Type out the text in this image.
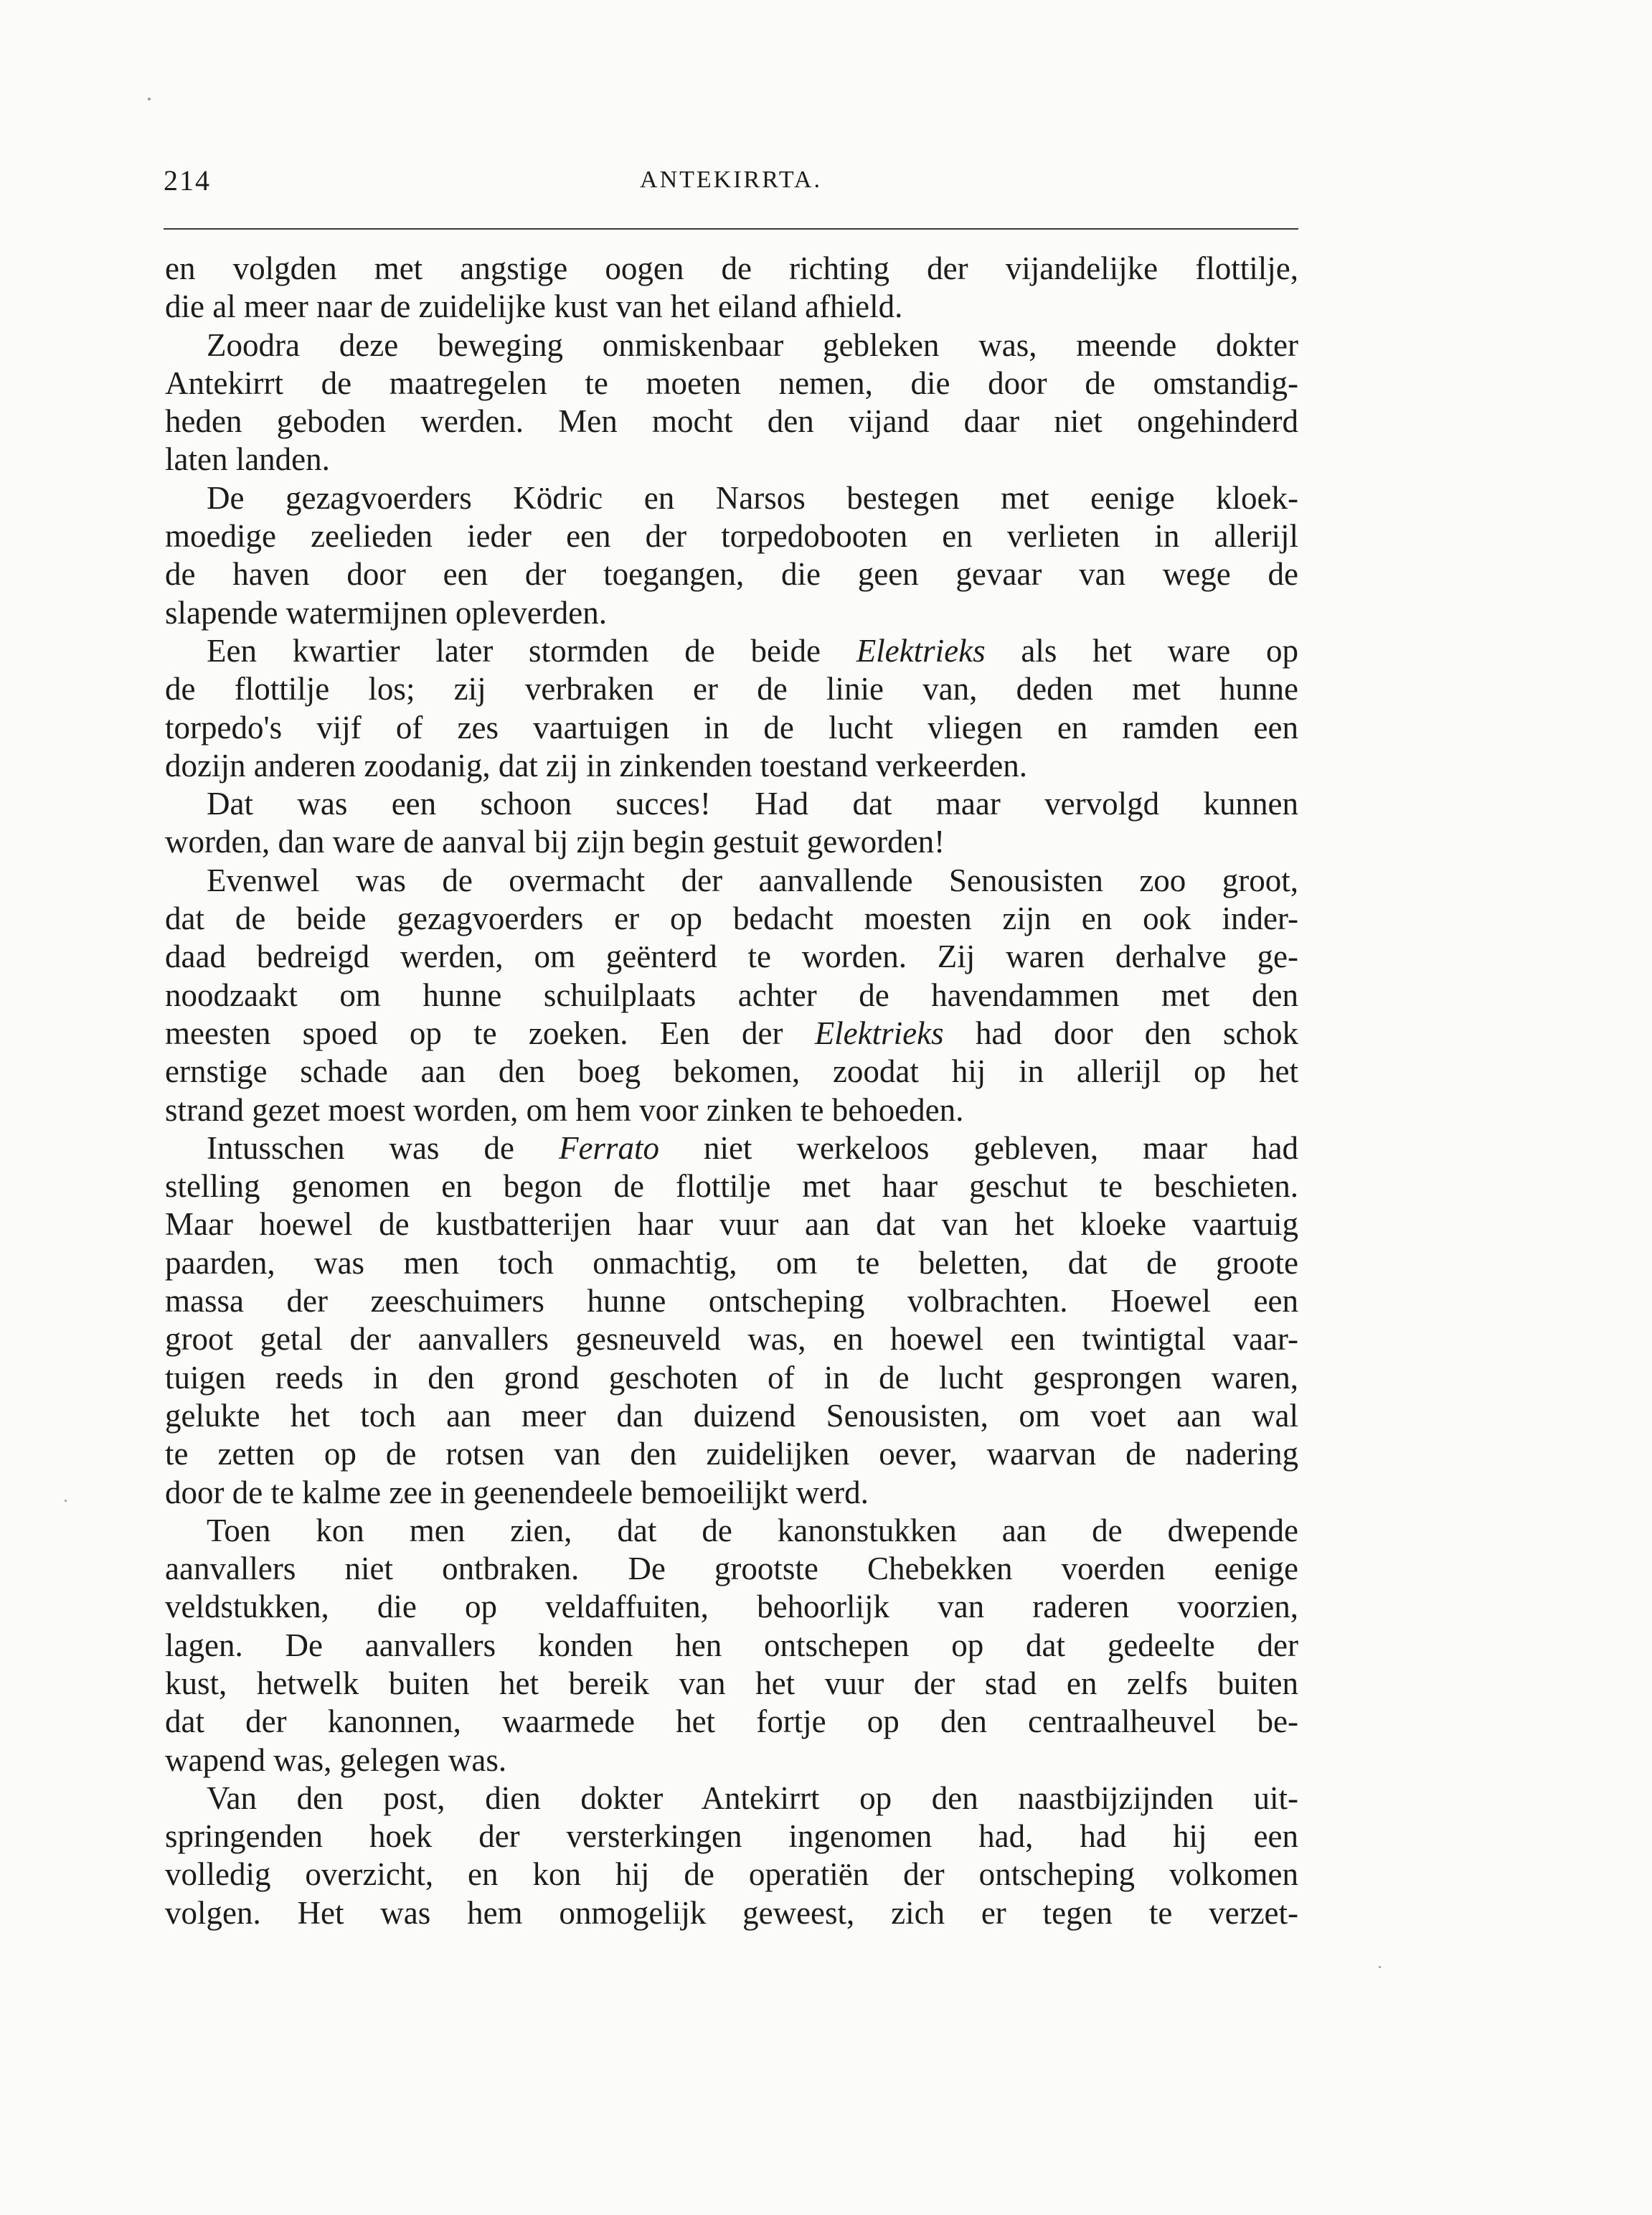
214	ANTEKIRRTA.
en volgden met angstige oogen de richting der vijandelijke flottilje,
die al meer naar de zuidelijke kust van het eiland afhield.
Zoodra deze beweging onmiskenbaar gebleken was, meende dokter
Antekirrt de maatregelen te moeten nemen, die door de omstandig-
heden geboden werden. Men mocht den vijand daar niet ongehinderd
laten landen.
De gezagvoerders Ködric en Narsos bestegen met eenige kloek-
moedige zeelieden ieder een der torpedobooten en verlieten in allerijl
de haven door een der toegangen, die geen gevaar van wege de
slapende watermijnen opleverden.
Een kwartier later stormden de beide Elektrieks als het ware op
de flottilje los; zij verbraken er de linie van, deden met hunne
torpedo's vijf of zes vaartuigen in de lucht vliegen en ramden een
dozijn anderen zoodanig, dat zij in zinkenden toestand verkeerden.
Dat was een schoon succes! Had dat maar vervolgd kunnen
worden, dan ware de aanval bij zijn begin gestuit geworden!
Evenwel was de overmacht der aanvallende Senousisten zoo groot,
dat de beide gezagvoerders er op bedacht moesten zijn en ook inder-
daad bedreigd werden, om geënterd te worden. Zij waren derhalve ge-
noodzaakt om hunne schuilplaats achter de havendammen met den
meesten spoed op te zoeken. Een der Elektrieks had door den schok
ernstige schade aan den boeg bekomen, zoodat hij in allerijl op het
strand gezet moest worden, om hem voor zinken te behoeden.
Intusschen was de Ferrato niet werkeloos gebleven, maar had
stelling genomen en begon de flottilje met haar geschut te beschieten.
Maar hoewel de kustbatterijen haar vuur aan dat van het kloeke vaartuig
paarden, was men toch onmachtig, om te beletten, dat de groote
massa der zeeschuimers hunne ontscheping volbrachten. Hoewel een
groot getal der aanvallers gesneuveld was, en hoewel een twintigtal vaar-
tuigen reeds in den grond geschoten of in de lucht gesprongen waren,
gelukte het toch aan meer dan duizend Senousisten, om voet aan wal
te zetten op de rotsen van den zuidelijken oever, waarvan de nadering
door de te kalme zee in geenendeele bemoeilijkt werd.
Toen kon men zien, dat de kanonstukken aan de dwepende
aanvallers niet ontbraken. De grootste Chebekken voerden eenige
veldstukken, die op veldaffuiten, behoorlijk van raderen voorzien,
lagen. De aanvallers konden hen ontschepen op dat gedeelte der
kust, hetwelk buiten het bereik van het vuur der stad en zelfs buiten
dat der kanonnen, waarmede het fortje op den centraalheuvel be-
wapend was, gelegen was.
Van den post, dien dokter Antekirrt op den naastbijzijnden uit-
springenden hoek der versterkingen ingenomen had, had hij een
volledig overzicht, en kon hij de operatiën der ontscheping volkomen
volgen. Het was hem onmogelijk geweest, zich er tegen te verzet-
